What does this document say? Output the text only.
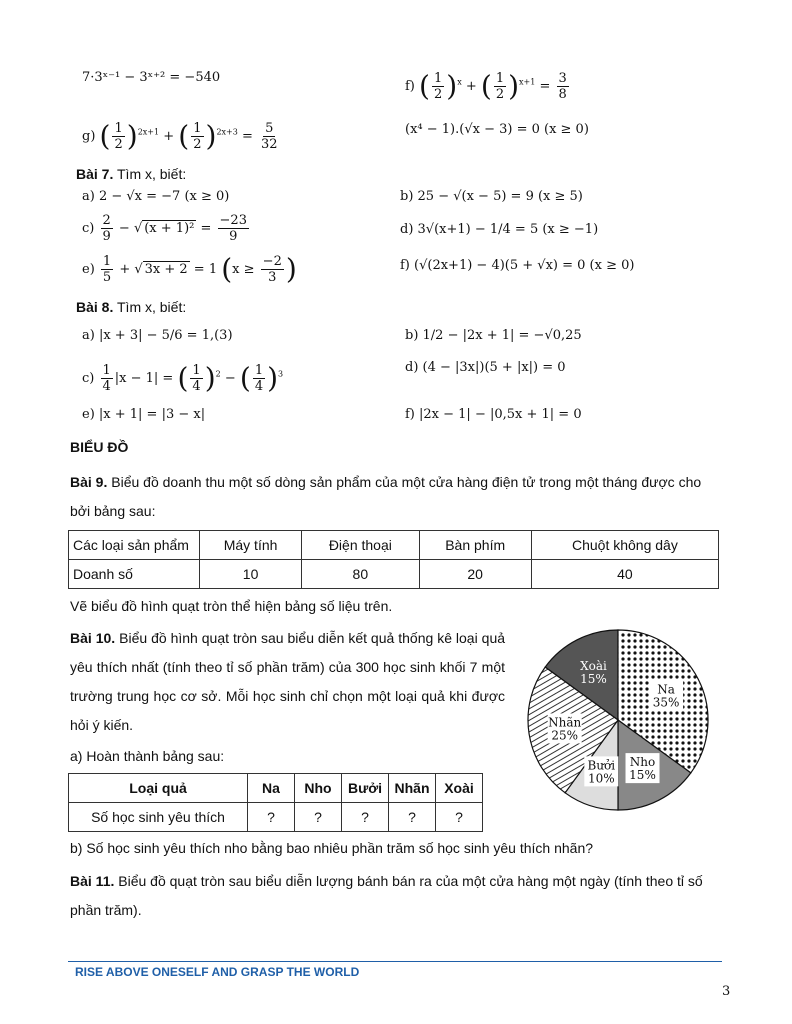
7·3ˣ⁻¹ − 3ˣ⁺² = −540
f) ( $\frac{1}{2} )^x$ + ( $\frac{1}{2} )^{x+1} = \frac{3}{8}$
g) ( $\frac{1}{2} )^{2x+1}$ + ( $\frac{1}{2} )^{2x+3} = \frac{5}{32}$	(x⁴ − 1).(√x − 3) = 0 (x ≥ 0)
Bài 7. Tìm x, biết:
a) 2 − √x = −7 (x ≥ 0)	b) 25 − √(x − 5) = 9 (x ≥ 5)
$c) \frac{2}{9}$ − √ $(x + 1)^2 = \frac{-23}{9}$	d) 3√(x+1) − 1/4 = 5 (x ≥ −1)
$e) \frac{1}{5}$ + √ 3x + 2 = 1 ($x \ge \frac{-2}{3}$ )	f) (√(2x+1) − 4)(5 + √x) = 0 (x ≥ 0)
Bài 8. Tìm x, biết:
a) |x + 3| − 5/6 = 1,(3)	b) 1/2 − |2x + 1| = −√0,25
$c) \frac{1}{4} |x - 1|$ = ( $\frac{1}{4} )^2$ − ( $\frac{1}{4} )^3$	d) (4 − |3x|)(5 + |x|) = 0
e) |x + 1| = |3 − x|	f) |2x − 1| − |0,5x + 1| = 0
BIỂU ĐỒ
Bài 9. Biểu đồ doanh thu một số dòng sản phẩm của một cửa hàng điện tử trong một tháng được cho
bởi bảng sau:
Các loại sản phẩm	Máy tính	Điện thoại	Bàn phím	Chuột không dây
Doanh số	10	80	20	40
Vẽ biểu đồ hình quạt tròn thể hiện bảng số liệu trên.
Bài 10. Biểu đồ hình quạt tròn sau biểu diễn kết quả thống kê loại quả yêu thích nhất (tính theo tỉ số phần trăm) của 300 học sinh khối 7 một trường trung học cơ sở. Mỗi học sinh chỉ chọn một loại quả khi được hỏi ý kiến.
a) Hoàn thành bảng sau:
Loại quả	Na	Nho	Bưởi	Nhãn	Xoài
Số học sinh yêu thích	?	?	?	?	?
b) Số học sinh yêu thích nho bằng bao nhiêu phần trăm số học sinh yêu thích nhãn?
Xoài 15%
Na 35%
Nho 15%
Bưởi 10%
Nhãn 25%
Bài 11. Biểu đồ quạt tròn sau biểu diễn lượng bánh bán ra của một cửa hàng một ngày (tính theo tỉ số
phần trăm).
RISE ABOVE ONESELF AND GRASP THE WORLD
3
